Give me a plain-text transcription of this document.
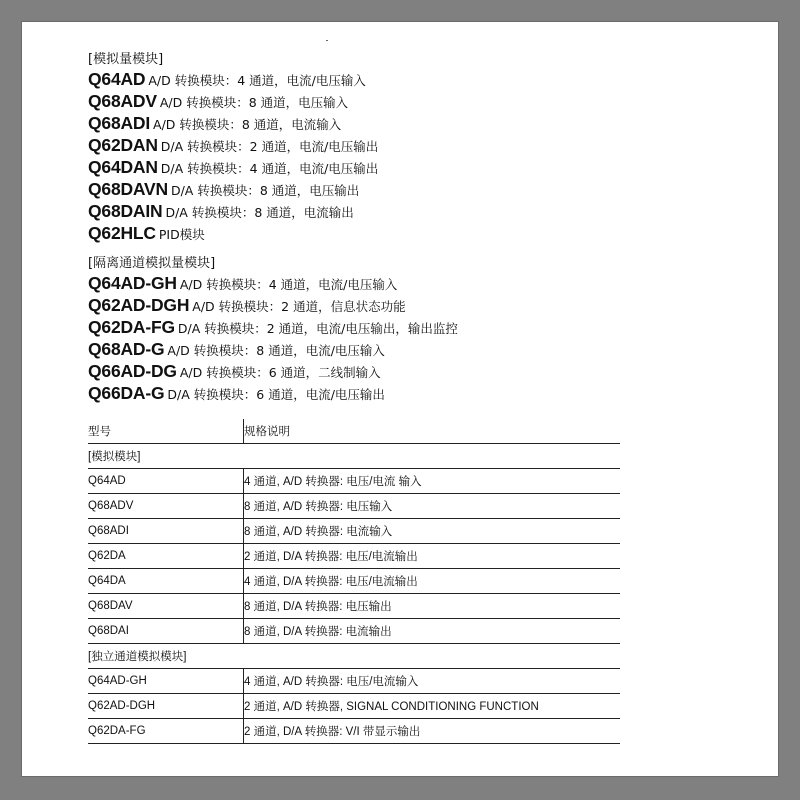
[模拟量模块]
Q64AD A/D 转换模块：4 通道，电流/电压输入
Q68ADV A/D 转换模块：8 通道，电压输入
Q68ADI A/D 转换模块：8 通道，电流输入
Q62DAN D/A 转换模块：2 通道，电流/电压输出
Q64DAN D/A 转换模块：4 通道，电流/电压输出
Q68DAVN D/A 转换模块：8 通道，电压输出
Q68DAIN D/A 转换模块：8 通道，电流输出
Q62HLC PID模块
[隔离通道模拟量模块]
Q64AD-GH A/D 转换模块：4 通道，电流/电压输入
Q62AD-DGH A/D 转换模块：2 通道，信息状态功能
Q62DA-FG D/A 转换模块：2 通道，电流/电压输出，输出监控
Q68AD-G A/D 转换模块：8 通道，电流/电压输入
Q66AD-DG A/D 转换模块：6 通道，二线制输入
Q66DA-G D/A 转换模块：6 通道，电流/电压输出
型号	规格说明
[模拟模块]	
Q64AD	4 通道, A/D 转换器: 电压/电流 输入
Q68ADV	8 通道, A/D 转换器: 电压输入
Q68ADI	8 通道, A/D 转换器: 电流输入
Q62DA	2 通道, D/A 转换器: 电压/电流输出
Q64DA	4 通道, D/A 转换器: 电压/电流输出
Q68DAV	8 通道, D/A 转换器: 电压输出
Q68DAI	8 通道, D/A 转换器: 电流输出
[独立通道模拟模块]	
Q64AD-GH	4 通道, A/D 转换器: 电压/电流输入
Q62AD-DGH	2 通道, A/D 转换器, SIGNAL CONDITIONING FUNCTION
Q62DA-FG	2 通道, D/A 转换器: V/I 带显示输出
